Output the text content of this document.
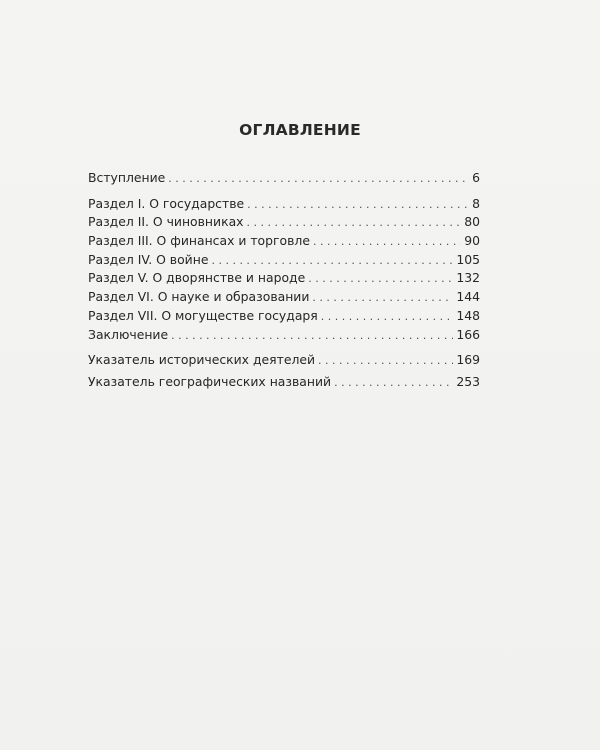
ОГЛАВЛЕНИЕ
Вступление . . .	6
Раздел I. О государстве . . .	8
Раздел II. О чиновниках . . .	80
Раздел III. О финансах и торговле . . .	90
Раздел IV. О войне . . .	105
Раздел V. О дворянстве и народе . . .	132
Раздел VI. О науке и образовании . . .	144
Раздел VII. О могуществе государя . . .	148
Заключение . . .	166
Указатель исторических деятелей . . .	169
Указатель географических названий . . .	253
